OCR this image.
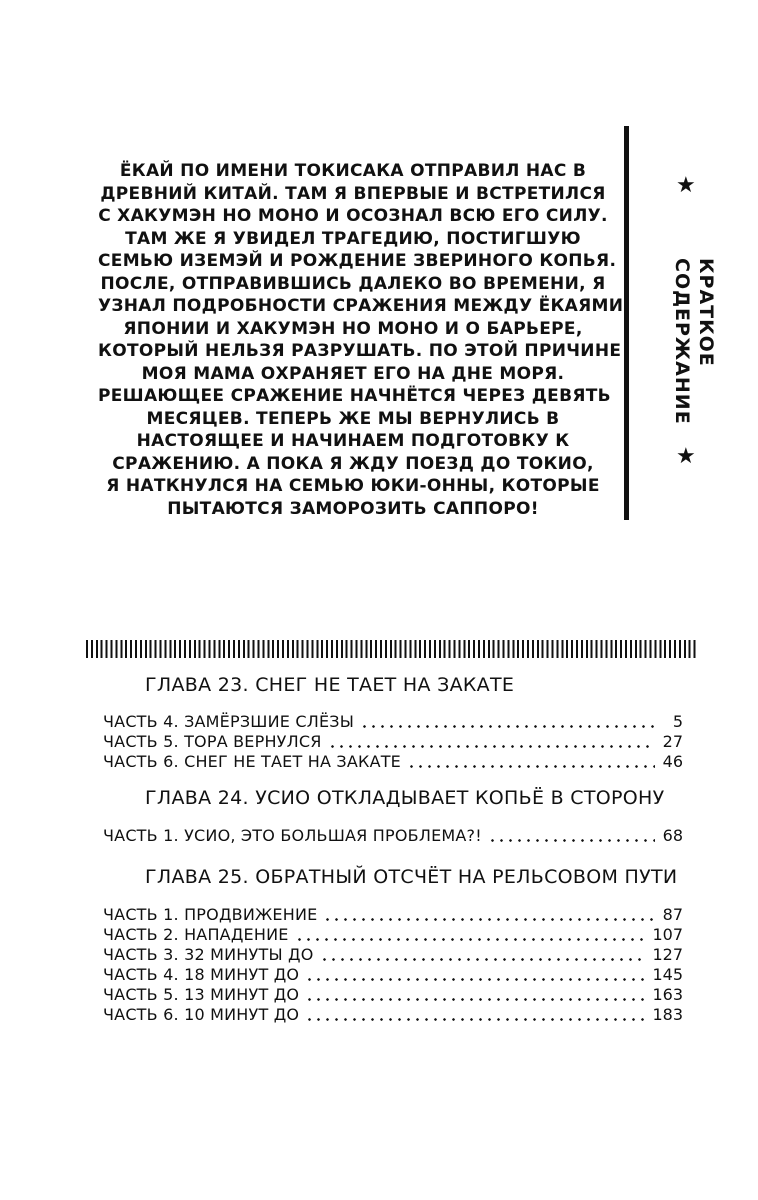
ЁКАЙ ПО ИМЕНИ ТОКИСАКА ОТПРАВИЛ НАС В
ДРЕВНИЙ КИТАЙ. ТАМ Я ВПЕРВЫЕ И ВСТРЕТИЛСЯ
С ХАКУМЭН НО МОНО И ОСОЗНАЛ ВСЮ ЕГО СИЛУ.
ТАМ ЖЕ Я УВИДЕЛ ТРАГЕДИЮ, ПОСТИГШУЮ
СЕМЬЮ ИЗЕМЭЙ И РОЖДЕНИЕ ЗВЕРИНОГО КОПЬЯ.
ПОСЛЕ, ОТПРАВИВШИСЬ ДАЛЕКО ВО ВРЕМЕНИ, Я
УЗНАЛ ПОДРОБНОСТИ СРАЖЕНИЯ МЕЖДУ ЁКАЯМИ
ЯПОНИИ И ХАКУМЭН НО МОНО И О БАРЬЕРЕ,
КОТОРЫЙ НЕЛЬЗЯ РАЗРУШАТЬ. ПО ЭТОЙ ПРИЧИНЕ
МОЯ МАМА ОХРАНЯЕТ ЕГО НА ДНЕ МОРЯ.
РЕШАЮЩЕЕ СРАЖЕНИЕ НАЧНЁТСЯ ЧЕРЕЗ ДЕВЯТЬ
МЕСЯЦЕВ. ТЕПЕРЬ ЖЕ МЫ ВЕРНУЛИСЬ В
НАСТОЯЩЕЕ И НАЧИНАЕМ ПОДГОТОВКУ К
СРАЖЕНИЮ. А ПОКА Я ЖДУ ПОЕЗД ДО ТОКИО,
Я НАТКНУЛСЯ НА СЕМЬЮ ЮКИ-ОННЫ, КОТОРЫЕ
ПЫТАЮТСЯ ЗАМОРОЗИТЬ САППОРО!
★
КРАТКОЕ
СОДЕРЖАНИЕ
★
ГЛАВА 23. СНЕГ НЕ ТАЕТ НА ЗАКАТЕ
ЧАСТЬ 4. ЗАМЁРЗШИЕ СЛЁЗЫ	5
ЧАСТЬ 5. ТОРА ВЕРНУЛСЯ	27
ЧАСТЬ 6. СНЕГ НЕ ТАЕТ НА ЗАКАТЕ	46
ГЛАВА 24. УСИО ОТКЛАДЫВАЕТ КОПЬЁ В СТОРОНУ
ЧАСТЬ 1. УСИО, ЭТО БОЛЬШАЯ ПРОБЛЕМА?!	68
ГЛАВА 25. ОБРАТНЫЙ ОТСЧЁТ НА РЕЛЬСОВОМ ПУТИ
ЧАСТЬ 1. ПРОДВИЖЕНИЕ	87
ЧАСТЬ 2. НАПАДЕНИЕ	107
ЧАСТЬ 3. 32 МИНУТЫ ДО	127
ЧАСТЬ 4. 18 МИНУТ ДО	145
ЧАСТЬ 5. 13 МИНУТ ДО	163
ЧАСТЬ 6. 10 МИНУТ ДО	183
